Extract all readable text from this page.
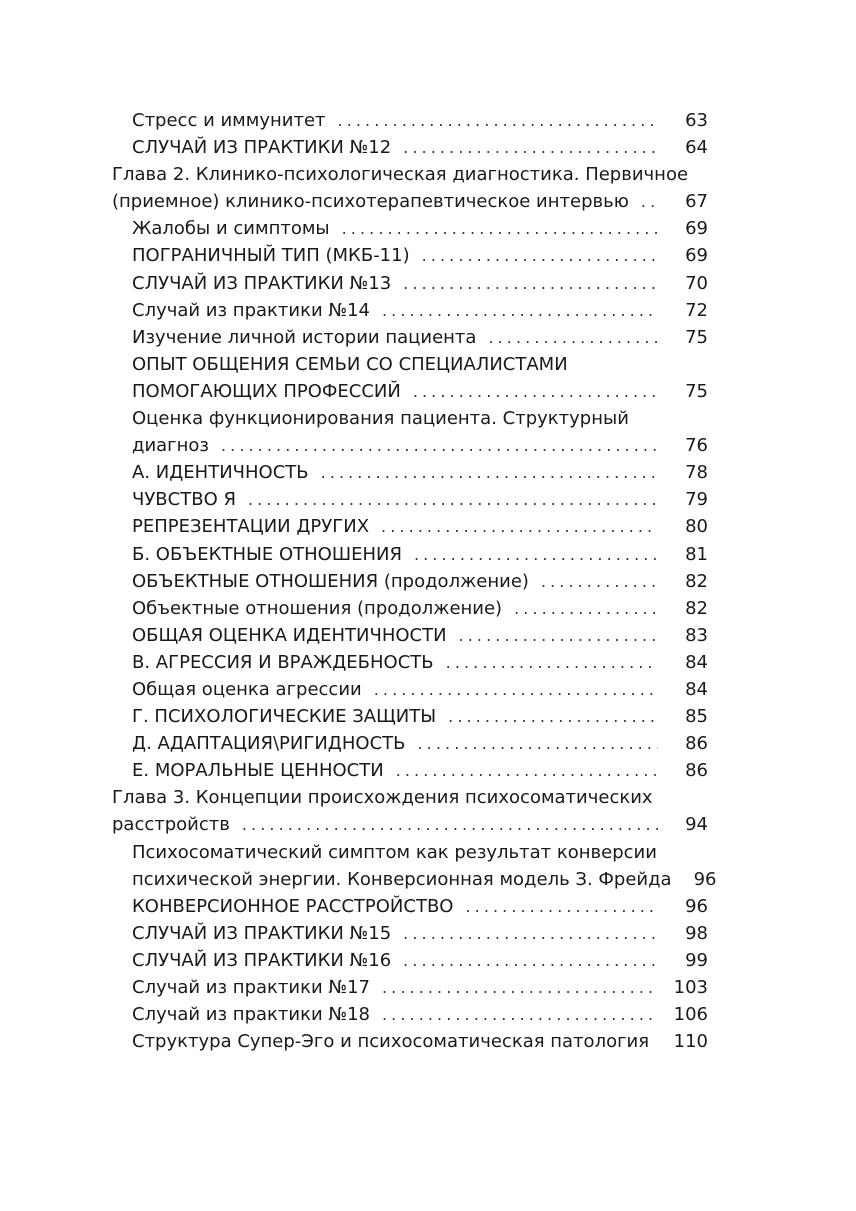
Стресс и иммунитет . . .	63
СЛУЧАЙ ИЗ ПРАКТИКИ №12 . . .	64
Глава 2. Клинико-психологическая диагностика. Первичное
(приемное) клинико-психотерапевтическое интервью . . .	67
Жалобы и симптомы . . .	69
ПОГРАНИЧНЫЙ ТИП (МКБ-11) . . .	69
СЛУЧАЙ ИЗ ПРАКТИКИ №13 . . .	70
Случай из практики №14 . . .	72
Изучение личной истории пациента . . .	75
ОПЫТ ОБЩЕНИЯ СЕМЬИ СО СПЕЦИАЛИСТАМИ
ПОМОГАЮЩИХ ПРОФЕССИЙ . . .	75
Оценка функционирования пациента. Структурный
диагноз . . .	76
А. ИДЕНТИЧНОСТЬ . . .	78
ЧУВСТВО Я . . .	79
РЕПРЕЗЕНТАЦИИ ДРУГИХ . . .	80
Б. ОБЪЕКТНЫЕ ОТНОШЕНИЯ . . .	81
ОБЪЕКТНЫЕ ОТНОШЕНИЯ (продолжение) . . .	82
Объектные отношения (продолжение) . . .	82
ОБЩАЯ ОЦЕНКА ИДЕНТИЧНОСТИ . . .	83
В. АГРЕССИЯ И ВРАЖДЕБНОСТЬ . . .	84
Общая оценка агрессии . . .	84
Г. ПСИХОЛОГИЧЕСКИЕ ЗАЩИТЫ . . .	85
Д. АДАПТАЦИЯ\РИГИДНОСТЬ . . .	86
Е. МОРАЛЬНЫЕ ЦЕННОСТИ . . .	86
Глава 3. Концепции происхождения психосоматических
расстройств . . .	94
Психосоматический симптом как результат конверсии
психической энергии. Конверсионная модель З. Фрейда 96
КОНВЕРСИОННОЕ РАССТРОЙСТВО . . .	96
СЛУЧАЙ ИЗ ПРАКТИКИ №15 . . .	98
СЛУЧАЙ ИЗ ПРАКТИКИ №16 . . .	99
Случай из практики №17 . . .	103
Случай из практики №18 . . .	106
Структура Супер-Эго и психосоматическая патология 110
